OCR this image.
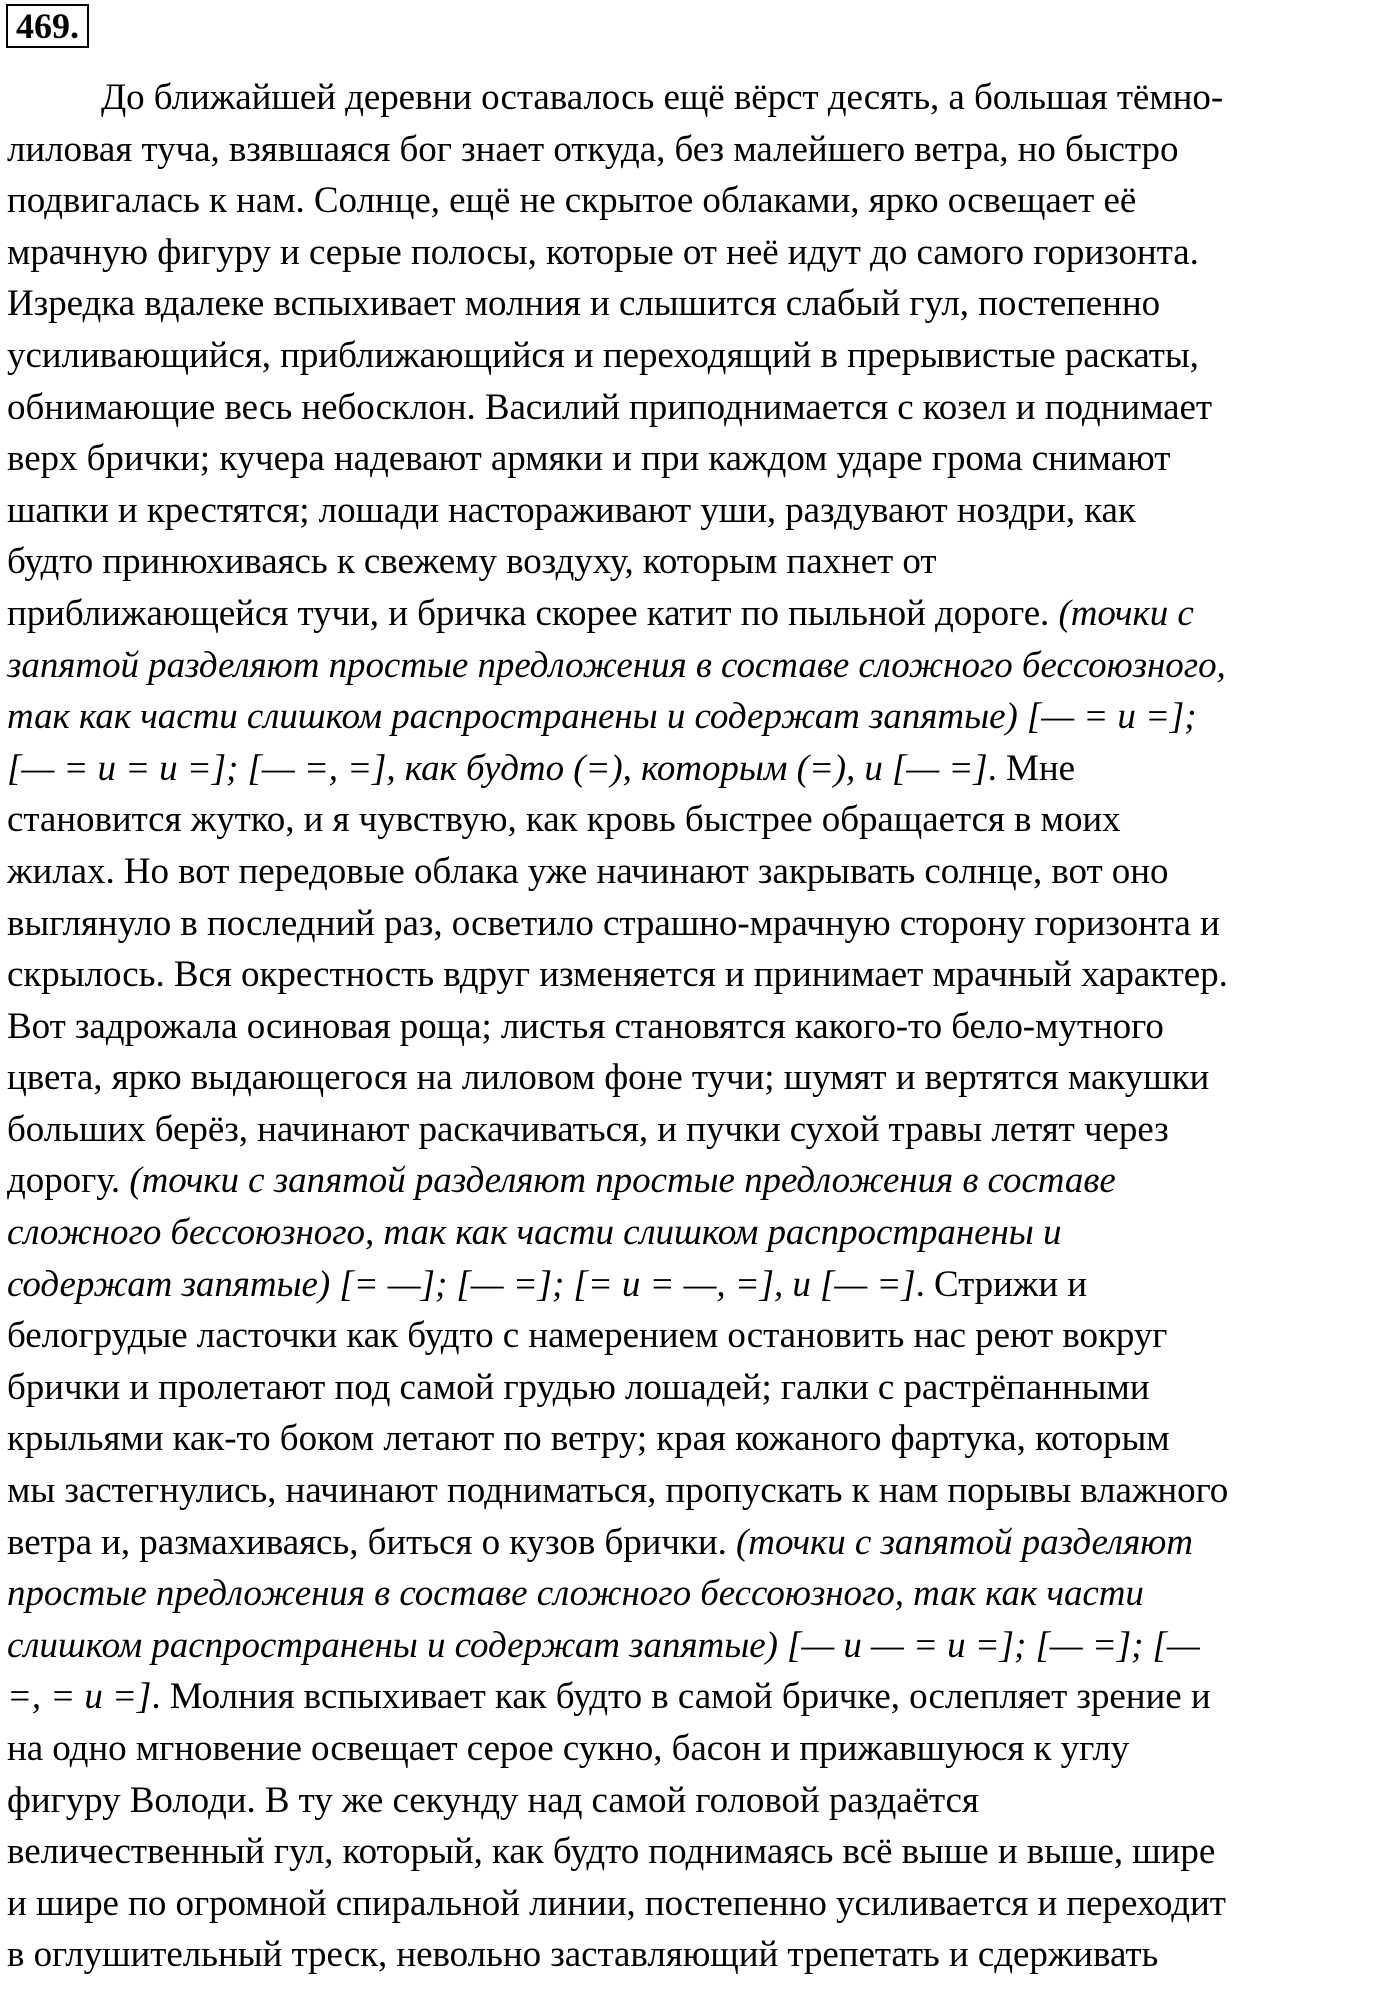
469.
До ближайшей деревни оставалось ещё вёрст десять, а большая тёмно-
лиловая туча, взявшаяся бог знает откуда, без малейшего ветра, но быстро
подвигалась к нам. Солнце, ещё не скрытое облаками, ярко освещает её
мрачную фигуру и серые полосы, которые от неё идут до самого горизонта.
Изредка вдалеке вспыхивает молния и слышится слабый гул, постепенно
усиливающийся, приближающийся и переходящий в прерывистые раскаты,
обнимающие весь небосклон. Василий приподнимается с козел и поднимает
верх брички; кучера надевают армяки и при каждом ударе грома снимают
шапки и крестятся; лошади настораживают уши, раздувают ноздри, как
будто принюхиваясь к свежему воздуху, которым пахнет от
приближающейся тучи, и бричка скорее катит по пыльной дороге. (точки с
запятой разделяют простые предложения в составе сложного бессоюзного,
так как части слишком распространены и содержат запятые) [— = и =];
[— = и = и =]; [— =, =], как будто (=), которым (=), и [— =]. Мне
становится жутко, и я чувствую, как кровь быстрее обращается в моих
жилах. Но вот передовые облака уже начинают закрывать солнце, вот оно
выглянуло в последний раз, осветило страшно-мрачную сторону горизонта и
скрылось. Вся окрестность вдруг изменяется и принимает мрачный характер.
Вот задрожала осиновая роща; листья становятся какого-то бело-мутного
цвета, ярко выдающегося на лиловом фоне тучи; шумят и вертятся макушки
больших берёз, начинают раскачиваться, и пучки сухой травы летят через
дорогу. (точки с запятой разделяют простые предложения в составе
сложного бессоюзного, так как части слишком распространены и
содержат запятые) [= —]; [— =]; [= и = —, =], и [— =]. Стрижи и
белогрудые ласточки как будто с намерением остановить нас реют вокруг
брички и пролетают под самой грудью лошадей; галки с растрёпанными
крыльями как-то боком летают по ветру; края кожаного фартука, которым
мы застегнулись, начинают подниматься, пропускать к нам порывы влажного
ветра и, размахиваясь, биться о кузов брички. (точки с запятой разделяют
простые предложения в составе сложного бессоюзного, так как части
слишком распространены и содержат запятые) [— и — = и =]; [— =]; [—
=, = и =]. Молния вспыхивает как будто в самой бричке, ослепляет зрение и
на одно мгновение освещает серое сукно, басон и прижавшуюся к углу
фигуру Володи. В ту же секунду над самой головой раздаётся
величественный гул, который, как будто поднимаясь всё выше и выше, шире
и шире по огромной спиральной линии, постепенно усиливается и переходит
в оглушительный треск, невольно заставляющий трепетать и сдерживать
